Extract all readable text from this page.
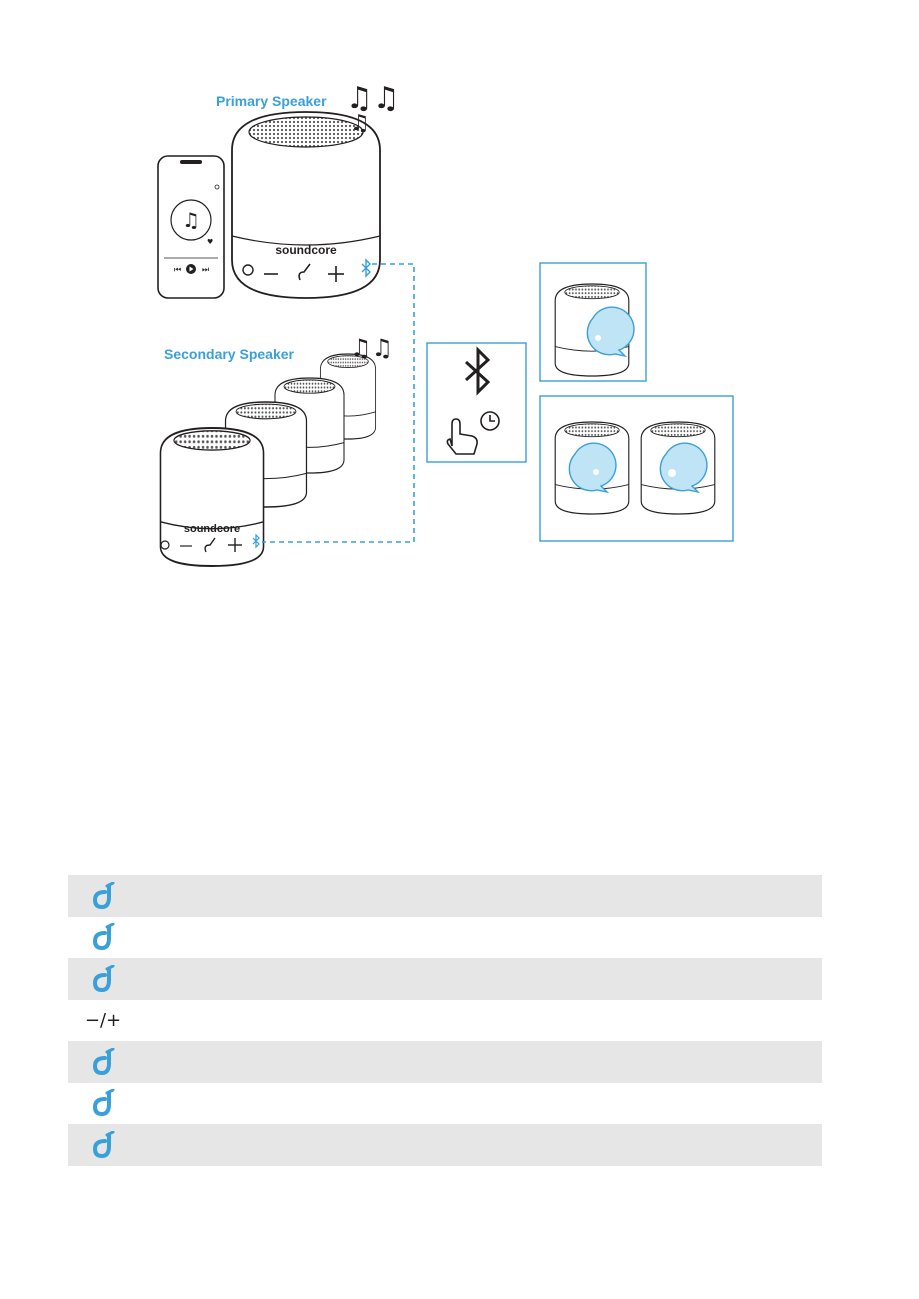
♫
⏮	⏭
♥
soundcore
♫♫
♫
soundcore
♫♫
Primary Speaker
Secondary Speaker
−/+
